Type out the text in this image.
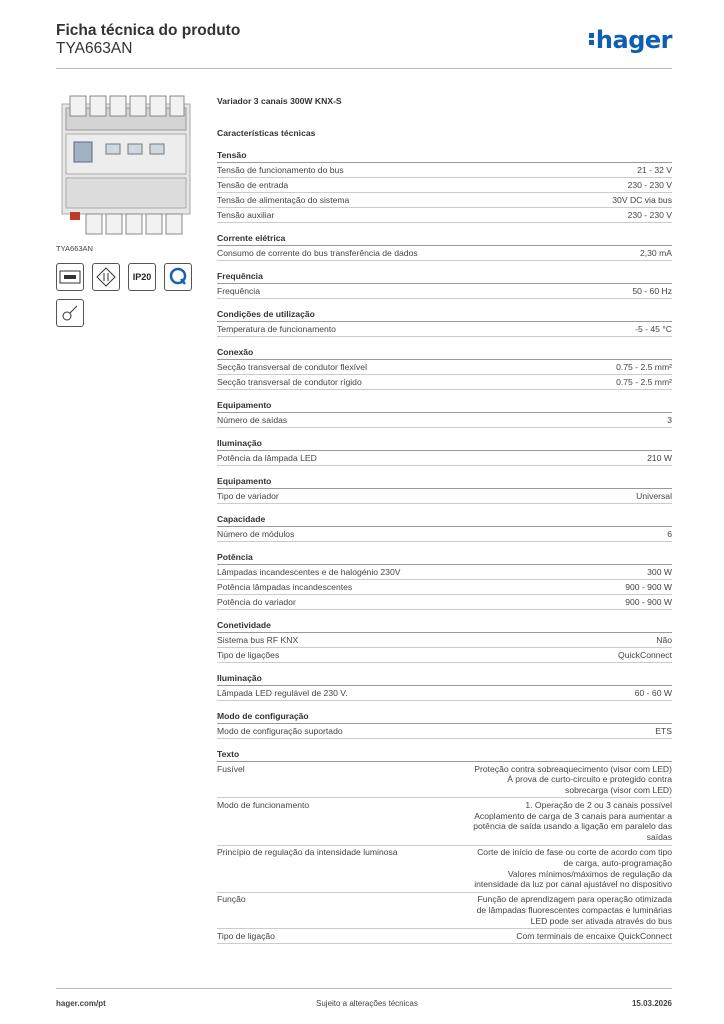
Ficha técnica do produto
TYA663AN	hager
TYA663AN
IP20
Variador 3 canais 300W KNX-S
Características técnicas
Tensão
Tensão de funcionamento do bus	21 - 32 V
Tensão de entrada	230 - 230 V
Tensão de alimentação do sistema	30V DC via bus
Tensão auxiliar	230 - 230 V
Corrente elétrica
Consumo de corrente do bus transferência de dados	2,30 mA
Frequência
Frequência	50 - 60 Hz
Condições de utilização
Temperatura de funcionamento	-5 - 45 °C
Conexão
Secção transversal de condutor flexível	0.75 - 2.5 mm²
Secção transversal de condutor rígido	0.75 - 2.5 mm²
Equipamento
Número de saídas	3
Iluminação
Potência da lâmpada LED	210 W
Equipamento
Tipo de variador	Universal
Capacidade
Número de módulos	6
Potência
Lâmpadas incandescentes e de halogénio 230V	300 W
Potência lâmpadas incandescentes	900 - 900 W
Potência do variador	900 - 900 W
Conetividade
Sistema bus RF KNX	Não
Tipo de ligações	QuickConnect
Iluminação
Lâmpada LED regulável de 230 V.	60 - 60 W
Modo de configuração
Modo de configuração suportado	ETS
Texto
Fusível	Proteção contra sobreaquecimento (visor com LED)
À prova de curto-circuito e protegido contra
sobrecarga (visor com LED)
Modo de funcionamento	1. Operação de 2 ou 3 canais possível
Acoplamento de carga de 3 canais para aumentar a
potência de saída usando a ligação em paralelo das
saídas
Princípio de regulação da intensidade luminosa	Corte de início de fase ou corte de acordo com tipo
de carga, auto-programação
Valores mínimos/máximos de regulação da
intensidade da luz por canal ajustável no dispositivo
Função	Função de aprendizagem para operação otimizada
de lâmpadas fluorescentes compactas e luminárias
LED pode ser ativada através do bus
Tipo de ligação	Com terminais de encaixe QuickConnect
hager.com/pt	Sujeito a alterações técnicas	15.03.2026
